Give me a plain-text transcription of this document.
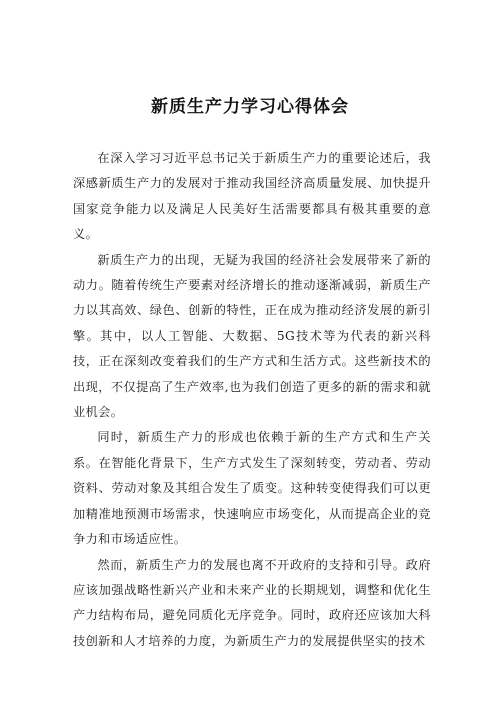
新质生产力学习心得体会

在深入学习习近平总书记关于新质生产力的重要论述后，我深感新质生产力的发展对于推动我国经济高质量发展、加快提升国家竞争能力以及满足人民美好生活需要都具有极其重要的意义。

新质生产力的出现，无疑为我国的经济社会发展带来了新的动力。随着传统生产要素对经济增长的推动逐渐减弱，新质生产力以其高效、绿色、创新的特性，正在成为推动经济发展的新引擎。其中，以人工智能、大数据、5G技术等为代表的新兴科技，正在深刻改变着我们的生产方式和生活方式。这些新技术的出现，不仅提高了生产效率,也为我们创造了更多的新的需求和就业机会。

同时，新质生产力的形成也依赖于新的生产方式和生产关系。在智能化背景下，生产方式发生了深刻转变，劳动者、劳动资料、劳动对象及其组合发生了质变。这种转变使得我们可以更加精准地预测市场需求，快速响应市场变化，从而提高企业的竞争力和市场适应性。

然而，新质生产力的发展也离不开政府的支持和引导。政府应该加强战略性新兴产业和未来产业的长期规划，调整和优化生产力结构布局，避免同质化无序竞争。同时，政府还应该加大科技创新和人才培养的力度，为新质生产力的发展提供坚实的技术
